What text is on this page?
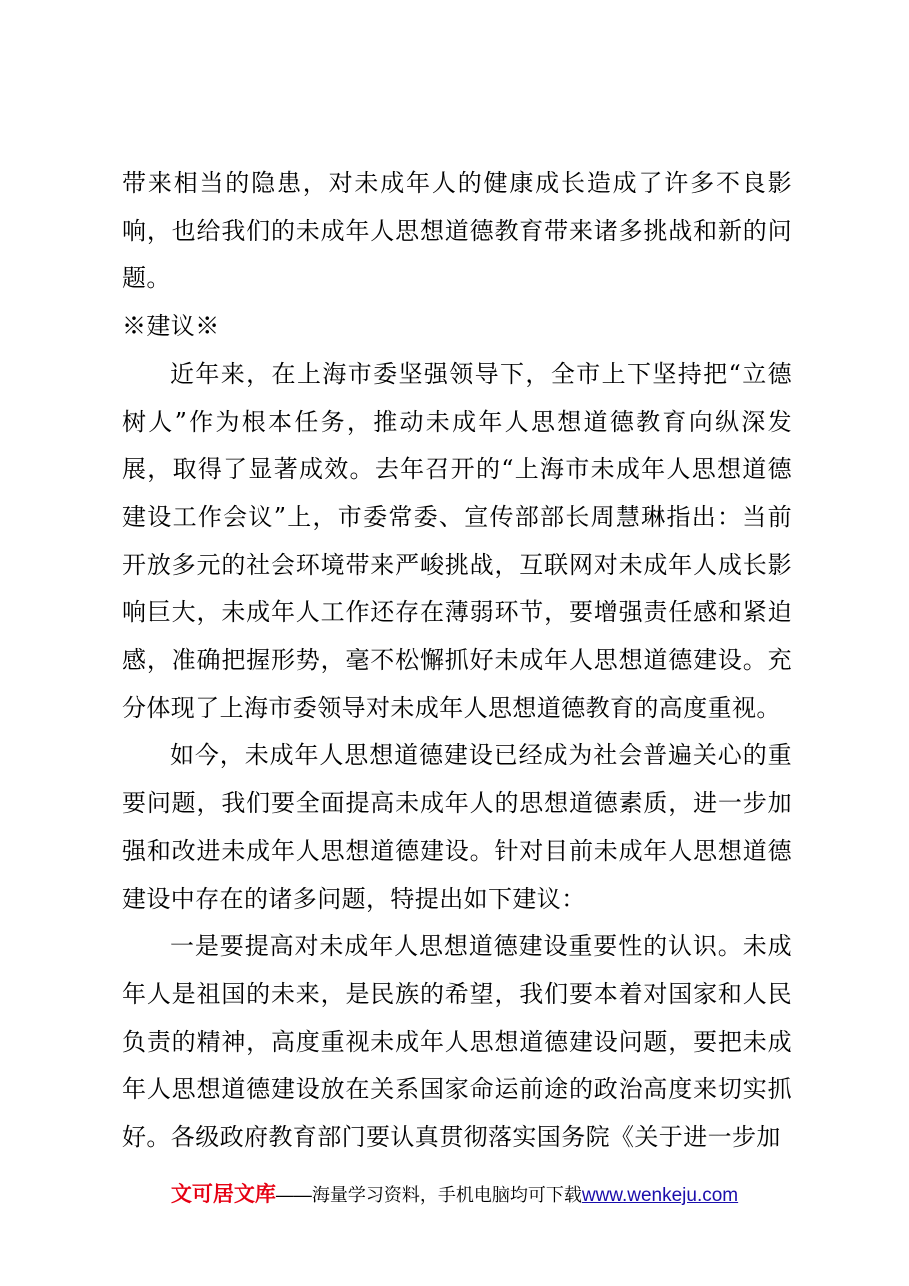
带来相当的隐患，对未成年人的健康成长造成了许多不良影响，也给我们的未成年人思想道德教育带来诸多挑战和新的问题。

※建议※

近年来，在上海市委坚强领导下，全市上下坚持把“立德树人”作为根本任务，推动未成年人思想道德教育向纵深发展，取得了显著成效。去年召开的“上海市未成年人思想道德建设工作会议”上，市委常委、宣传部部长周慧琳指出：当前开放多元的社会环境带来严峻挑战，互联网对未成年人成长影响巨大，未成年人工作还存在薄弱环节，要增强责任感和紧迫感，准确把握形势，毫不松懈抓好未成年人思想道德建设。充分体现了上海市委领导对未成年人思想道德教育的高度重视。

如今，未成年人思想道德建设已经成为社会普遍关心的重要问题，我们要全面提高未成年人的思想道德素质，进一步加强和改进未成年人思想道德建设。针对目前未成年人思想道德建设中存在的诸多问题，特提出如下建议：

一是要提高对未成年人思想道德建设重要性的认识。未成年人是祖国的未来，是民族的希望，我们要本着对国家和人民负责的精神，高度重视未成年人思想道德建设问题，要把未成年人思想道德建设放在关系国家命运前途的政治高度来切实抓好。各级政府教育部门要认真贯彻落实国务院《关于进一步加

文可居文库——海量学习资料，手机电脑均可下载www.wenkeju.com
